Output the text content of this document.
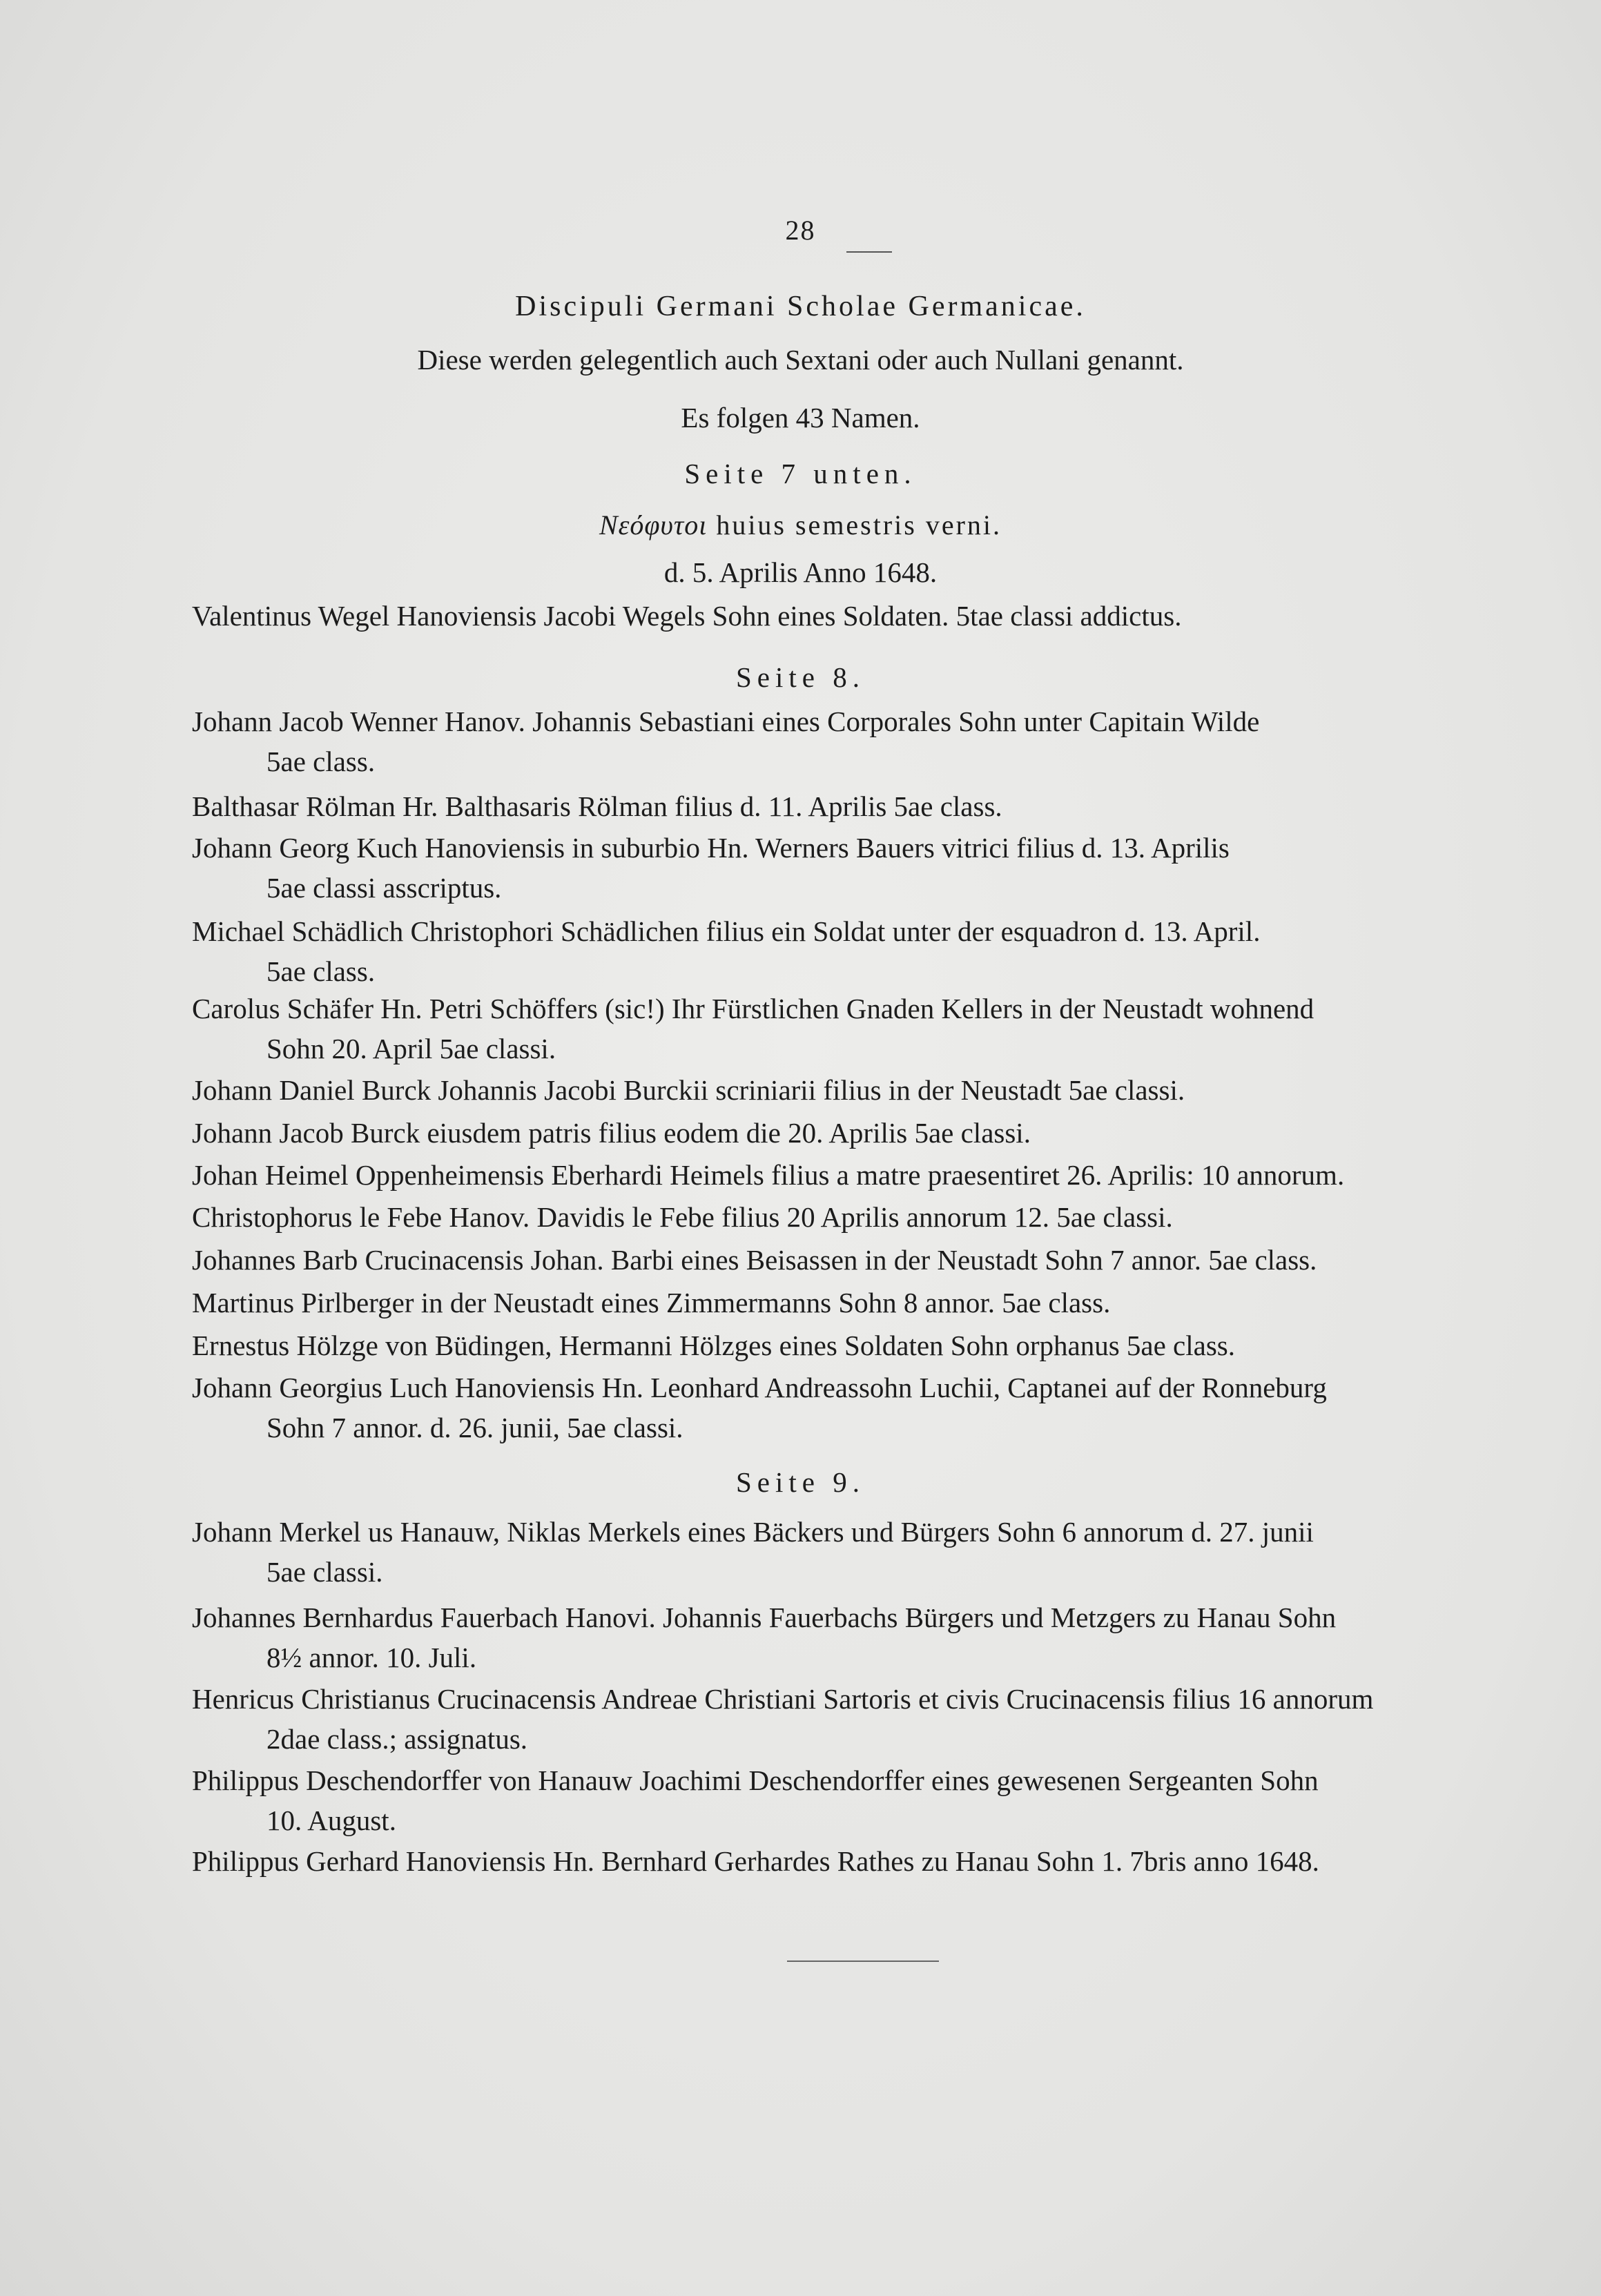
28
Discipuli Germani Scholae Germanicae.
Diese werden gelegentlich auch Sextani oder auch Nullani genannt.
Es folgen 43 Namen.
Seite 7 unten.
Νεόφυτοι huius semestris verni.
d. 5. Aprilis Anno 1648.
Valentinus Wegel Hanoviensis Jacobi Wegels Sohn eines Soldaten. 5tae classi addictus.
Seite 8.
Johann Jacob Wenner Hanov. Johannis Sebastiani eines Corporales Sohn unter Capitain Wilde
5ae class.
Balthasar Rölman Hr. Balthasaris Rölman filius d. 11. Aprilis 5ae class.
Johann Georg Kuch Hanoviensis in suburbio Hn. Werners Bauers vitrici filius d. 13. Aprilis
5ae classi asscriptus.
Michael Schädlich Christophori Schädlichen filius ein Soldat unter der esquadron d. 13. April.
5ae class.
Carolus Schäfer Hn. Petri Schöffers (sic!) Ihr Fürstlichen Gnaden Kellers in der Neustadt wohnend
Sohn 20. April 5ae classi.
Johann Daniel Burck Johannis Jacobi Burckii scriniarii filius in der Neustadt 5ae classi.
Johann Jacob Burck eiusdem patris filius eodem die 20. Aprilis 5ae classi.
Johan Heimel Oppenheimensis Eberhardi Heimels filius a matre praesentiret 26. Aprilis: 10 annorum.
Christophorus le Febe Hanov. Davidis le Febe filius 20 Aprilis annorum 12. 5ae classi.
Johannes Barb Crucinacensis Johan. Barbi eines Beisassen in der Neustadt Sohn 7 annor. 5ae class.
Martinus Pirlberger in der Neustadt eines Zimmermanns Sohn 8 annor. 5ae class.
Ernestus Hölzge von Büdingen, Hermanni Hölzges eines Soldaten Sohn orphanus 5ae class.
Johann Georgius Luch Hanoviensis Hn. Leonhard Andreassohn Luchii, Captanei auf der Ronneburg
Sohn 7 annor. d. 26. junii, 5ae classi.
Seite 9.
Johann Merkel us Hanauw, Niklas Merkels eines Bäckers und Bürgers Sohn 6 annorum d. 27. junii
5ae classi.
Johannes Bernhardus Fauerbach Hanovi. Johannis Fauerbachs Bürgers und Metzgers zu Hanau Sohn
8½ annor. 10. Juli.
Henricus Christianus Crucinacensis Andreae Christiani Sartoris et civis Crucinacensis filius 16 annorum
2dae class.; assignatus.
Philippus Deschendorffer von Hanauw Joachimi Deschendorffer eines gewesenen Sergeanten Sohn
10. August.
Philippus Gerhard Hanoviensis Hn. Bernhard Gerhardes Rathes zu Hanau Sohn 1. 7bris anno 1648.
